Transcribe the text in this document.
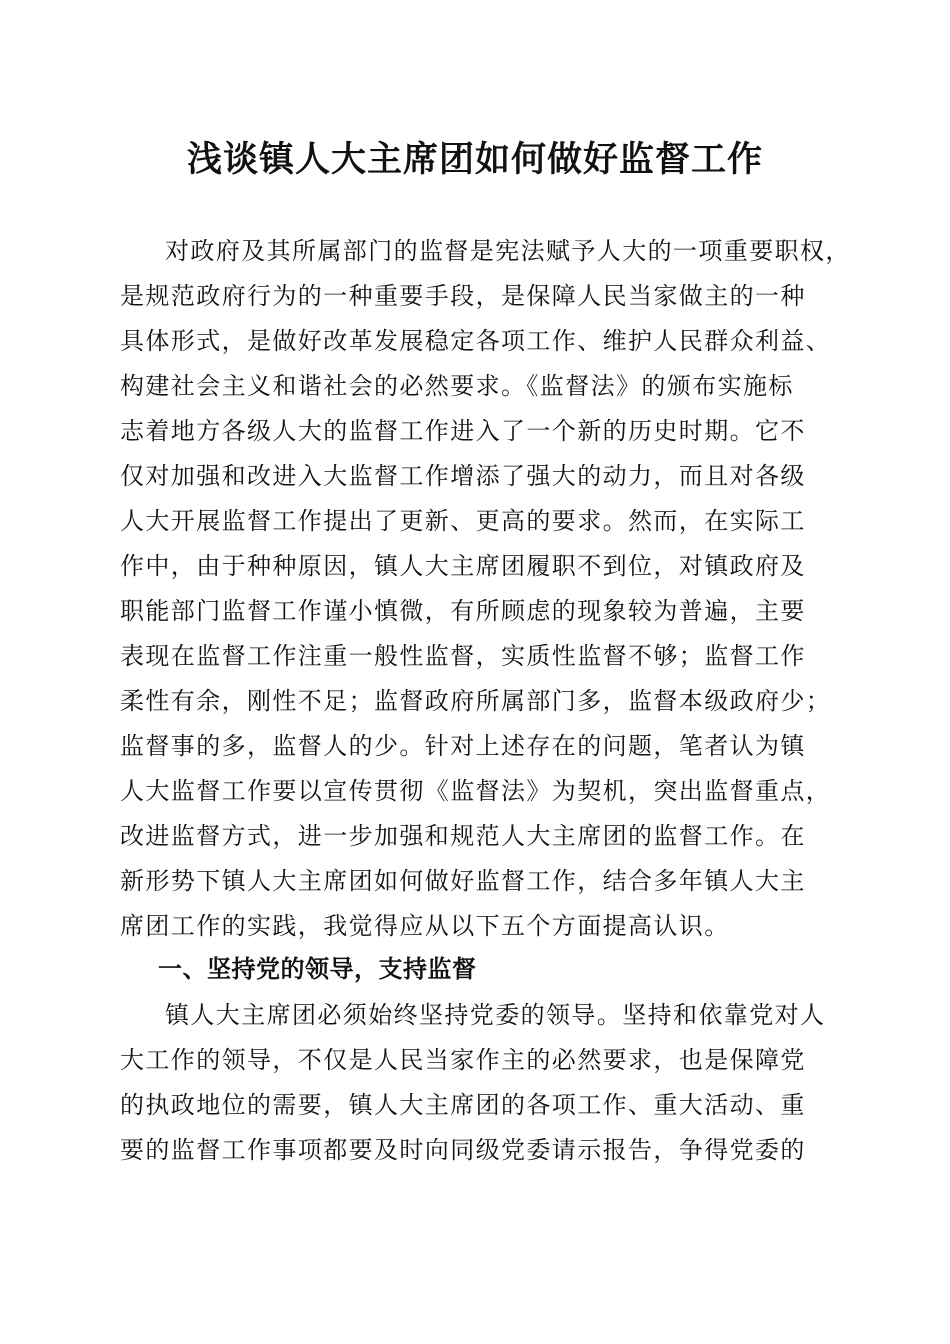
浅谈镇人大主席团如何做好监督工作
对政府及其所属部门的监督是宪法赋予人大的一项重要职权，
是规范政府行为的一种重要手段，是保障人民当家做主的一种
具体形式，是做好改革发展稳定各项工作、维护人民群众利益、
构建社会主义和谐社会的必然要求。《监督法》的颁布实施标
志着地方各级人大的监督工作进入了一个新的历史时期。它不
仅对加强和改进入大监督工作增添了强大的动力，而且对各级
人大开展监督工作提出了更新、更高的要求。然而，在实际工
作中，由于种种原因，镇人大主席团履职不到位，对镇政府及
职能部门监督工作谨小慎微，有所顾虑的现象较为普遍，主要
表现在监督工作注重一般性监督，实质性监督不够；监督工作
柔性有余，刚性不足；监督政府所属部门多，监督本级政府少；
监督事的多，监督人的少。针对上述存在的问题，笔者认为镇
人大监督工作要以宣传贯彻《监督法》为契机，突出监督重点，
改进监督方式，进一步加强和规范人大主席团的监督工作。在
新形势下镇人大主席团如何做好监督工作，结合多年镇人大主
席团工作的实践，我觉得应从以下五个方面提高认识。
一、坚持党的领导，支持监督
镇人大主席团必须始终坚持党委的领导。坚持和依靠党对人
大工作的领导，不仅是人民当家作主的必然要求，也是保障党
的执政地位的需要，镇人大主席团的各项工作、重大活动、重
要的监督工作事项都要及时向同级党委请示报告，争得党委的
